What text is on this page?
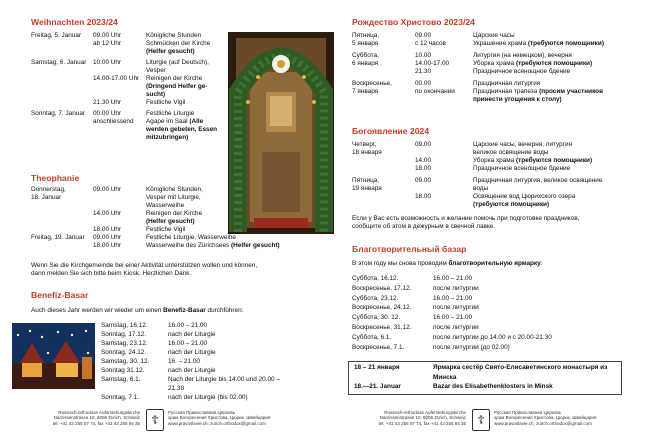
Weihnachten 2023/24
Freitag, 5. Januar 09.00 Uhr	Königliche Stunden
ab 12 Uhr	Schmücken der Kirche
(Helfer gesucht)
Samstag, 6. Januar 10.00 Uhr	Liturgie (auf Deutsch),
Vesper
14.00-17.00 Uhr Reinigen der Kirche
(Dringend Helfer ge-
sucht)
21.30 Uhr	Festliche Vigil
Sonntag, 7. Januar 00.00 Uhr	Festliche Liturgie
anschliessend Agape im Saal (Alle
werden gebeten, Essen
mitzubringen)
Theophanie
Donnerstag,	09.00 Uhr	Königliche Stunden,
18. Januar	Vesper mit Liturgie,
Wasserweihe
14.00 Uhr	Reinigen der Kirche
(Helfer gesucht)
18.00 Uhr	Festliche Vigil
Freitag, 19. Januar 09.00 Uhr	Festliche Liturgie, Wasserweihe
18.00 Uhr	Wasserweihe des Zürichsees (Helfer gesucht)
Wenn Sie die Kirchgemeinde bei einer Aktivität unterstützen wollen und können,
dann melden Sie sich bitte beim Kiosk. Herzlichen Dank.
Benefiz-Basar
Auch dieses Jahr werden wir wieder um einen Benefiz-Basar durchführen:
Samstag, 16.12.	16.00 – 21.00
Sonntag, 17.12.	nach der Liturgie
Samstag, 23.12.	16.00 – 21.00
Sonntag, 24.12.	nach der Liturgie
Samstag, 30. 12.	16. – 21.00
Sonntag 31.12.	nach der Liturgie
Samstag, 6.1.	Nach der Liturgie bis 14.00 und 20.00 –
21.30
Sonntag, 7.1.	nach der Liturgie (bis 02.00)
Рождество Христово 2023/24
Пятница,	09.00	Царские часы
5 января	с 12 часов	Украшение храма (требуются помощники)
Суббота,	10.00	Литургия (на немецком), вечерня
6 января	14.00-17.00	Уборка храма (требуются помощники)
21.30	Праздничное всенощное бдение
Воскресенье,	00.00	Праздничная литургия
7 января	по окончании	Праздничная трапеза (просим участников
принести угощения к столу)
Богоявление 2024
Четверг,	09.00	Царские часы, вечерня, литургия
18 января	великое освящение воды
14.00	Уборка храма (требуются помощники)
18.00	Праздничное всенощное бдение
Пятница,	09.00	Праздничная литургия, великое освящение
19 января	воды
18.00	Освящение вод Цюрихского озера
(требуются помощники)
Если у Вас есть возможность и желание помочь при подготовке праздников,
сообщите об этом в дежурным в свечной лавке.
Благотворительный базар
В этом году мы снова проводим благотворительную ярмарку:
Суббота, 16.12.	16.00 – 21.00
Воскресенье, 17.12.	после литургии
Суббота, 23.12.	16.00 – 21.00
Воскресенье, 24.12.	после литургии
Суббота, 30. 12.	16.00 – 21.00
Воскресенье, 31.12.	после литургии
Суббота, 6.1.	после литургии до 14.00 и с 20.00-21.30
Воскресенье, 7.1.	после литургии (до 02.00)
18 – 21 января	Ярмарка сестёр Свято-Елисаветинского монастыря из
Минска
18.—21. Januar	Bazar des Elisabethenklosters in Minsk
Russisch-orthodoxe Auferstehungskirche
Narzissenstrasse 10, 8006 Zürich, Schweiz
tel. +41 43 255 07 74, fax +41 43 255 84 35 ☦
Русская Православная Церковь
храм Воскресения Христова, Цюрих, Швейцария
www.pravoslavie.ch, zurich.orthodox@gmail.com
Russisch-orthodoxe Auferstehungskirche
Narzissenstrasse 10, 8006 Zürich, Schweiz
tel. +41 43 255 07 74, fax +41 43 255 84 35 ☦
Русская Православная Церковь
храм Воскресения Христова, Цюрих, Швейцария
www.pravoslavie.ch, zurich.orthodox@gmail.com
